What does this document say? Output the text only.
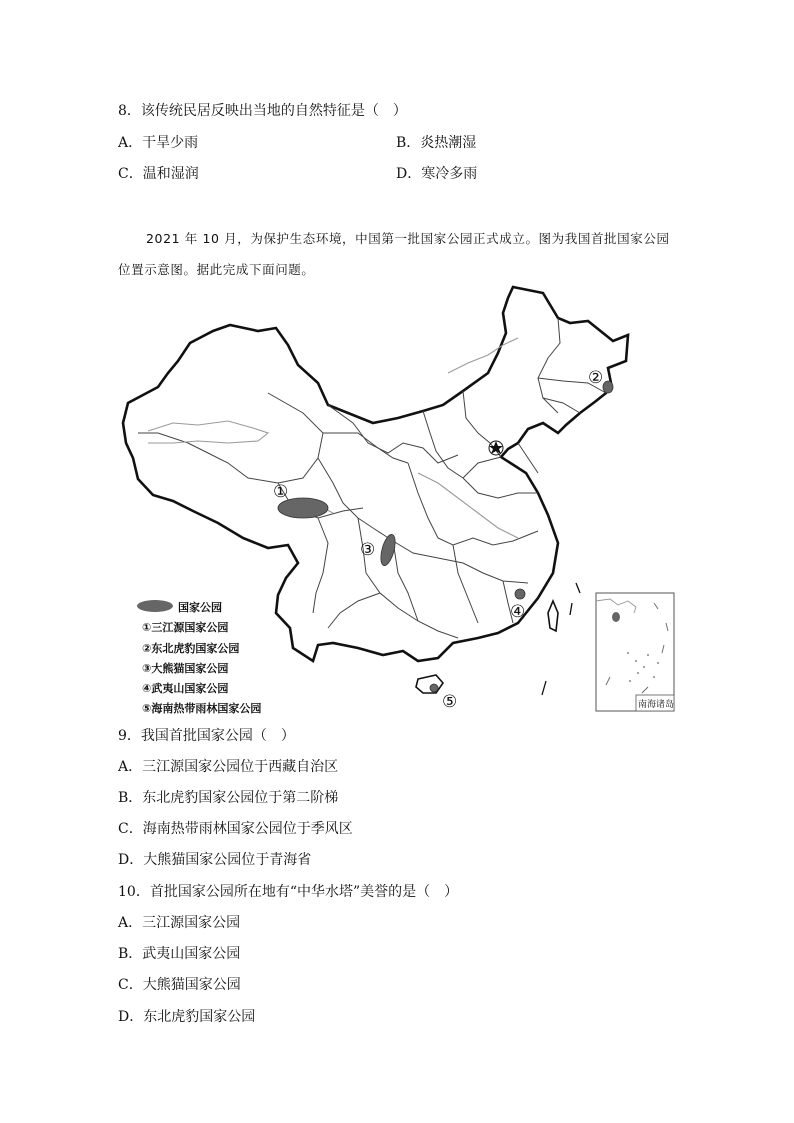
8．该传统民居反映出当地的自然特征是（　）
A．干旱少雨	B．炎热潮湿
C．温和湿润	D．寒冷多雨
2021 年 10 月，为保护生态环境，中国第一批国家公园正式成立。图为我国首批国家公园
位置示意图。据此完成下面问题。
①
②
③
④
⑤	南海诸岛
国家公园
①三江源国家公园
②东北虎豹国家公园
③大熊猫国家公园
④武夷山国家公园
⑤海南热带雨林国家公园
9．我国首批国家公园（　）
A．三江源国家公园位于西藏自治区
B．东北虎豹国家公园位于第二阶梯
C．海南热带雨林国家公园位于季风区
D．大熊猫国家公园位于青海省
10．首批国家公园所在地有“中华水塔”美誉的是（　）
A．三江源国家公园
B．武夷山国家公园
C．大熊猫国家公园
D．东北虎豹国家公园
